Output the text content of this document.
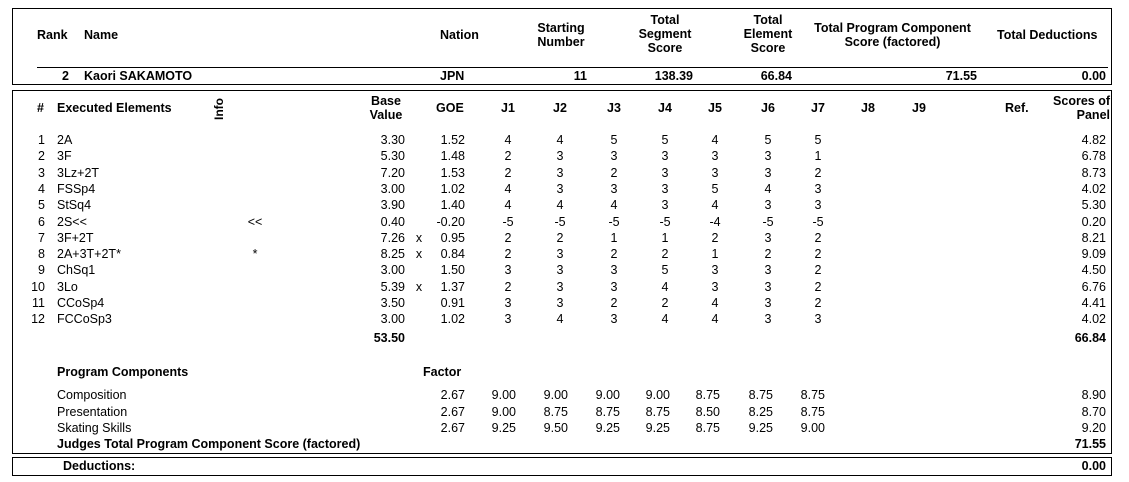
Rank Name	Nation	Starting Number
Total Segment Score
Total Element Score
Total Program Component Score (factored)	Total Deductions
2 Kaori SAKAMOTO	JPN	11	138.39	66.84	71.55	0.00
# Executed Elements	Info	Base Value	GOE	J1	J2	J3	J4	J5	J6	J7	J8	J9	Ref.	Scores of Panel
1 2A	3.30	1.52	4	4	5	5	4	5	5	4.82
2 3F	5.30	1.48	2	3	3	3	3	3	1	6.78
3 3Lz+2T	7.20	1.53	2	3	2	3	3	3	2	8.73
4 FSSp4	3.00	1.02	4	3	3	3	5	4	3	4.02
5 StSq4	3.90	1.40	4	4	4	3	4	3	3	5.30
6 2S<<	<<	0.40	-0.20	-5	-5	-5	-5	-4	-5	-5	0.20
7 3F+2T	7.26 x	0.95	2	2	1	1	2	3	2	8.21
8 2A+3T+2T*	*	8.25 x	0.84	2	3	2	2	1	2	2	9.09
9 ChSq1	3.00	1.50	3	3	3	5	3	3	2	4.50
10 3Lo	5.39 x	1.37	2	3	3	4	3	3	2	6.76
11 CCoSp4	3.50	0.91	3	3	2	2	4	3	2	4.41
12 FCCoSp3	3.00	1.02	3	4	3	4	4	3	3	4.02
53.50	66.84
Program Components	Factor
Composition	2.67	9.00	9.00	9.00	9.00	8.75	8.75	8.75	8.90
Presentation	2.67	9.00	8.75	8.75	8.75	8.50	8.25	8.75	8.70
Skating Skills	2.67	9.25	9.50	9.25	9.25	8.75	9.25	9.00	9.20
Judges Total Program Component Score (factored)	71.55
Deductions:	0.00
